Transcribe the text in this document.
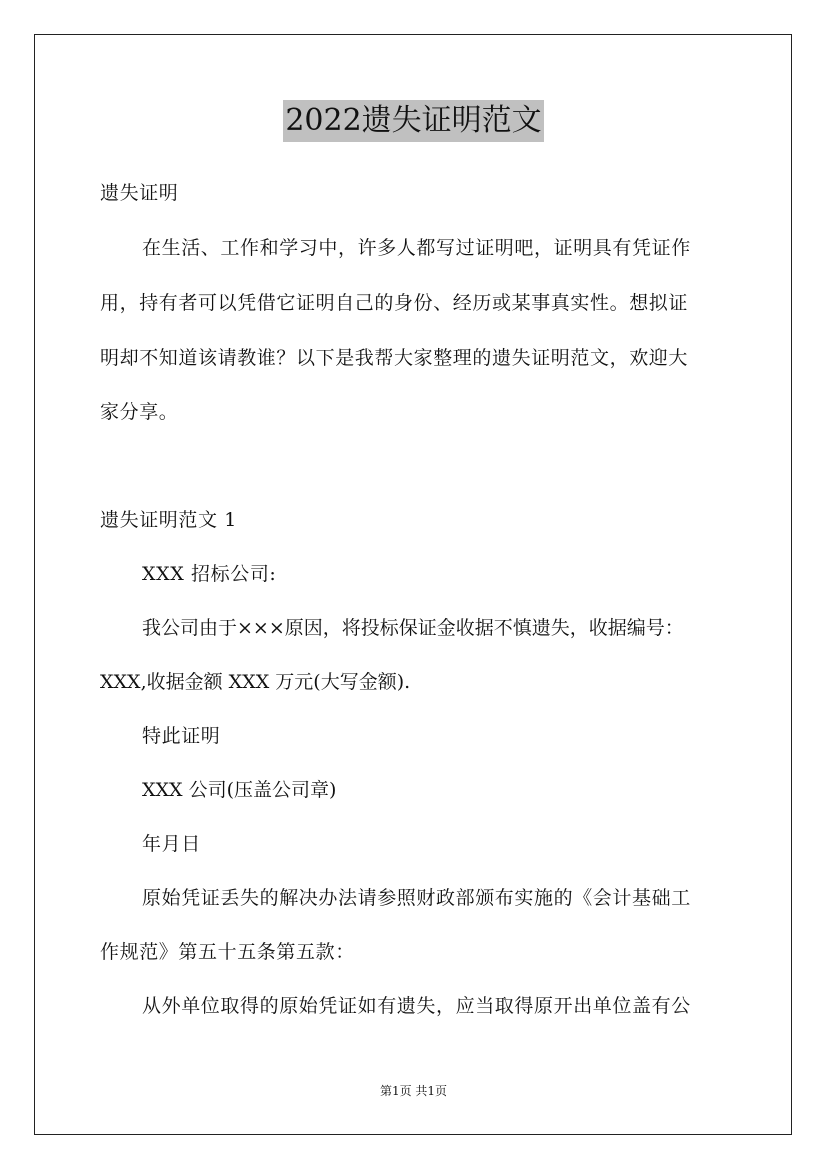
2022遗失证明范文
遗失证明
在生活、工作和学习中，许多人都写过证明吧，证明具有凭证作
用，持有者可以凭借它证明自己的身份、经历或某事真实性。想拟证
明却不知道该请教谁？以下是我帮大家整理的遗失证明范文，欢迎大
家分享。
遗失证明范文 1
XXX 招标公司:
我公司由于×××原因，将投标保证金收据不慎遗失，收据编号：
XXX,收据金额 XXX 万元(大写金额).
特此证明
XXX 公司(压盖公司章)
年月日
原始凭证丢失的解决办法请参照财政部颁布实施的《会计基础工
作规范》第五十五条第五款：
从外单位取得的原始凭证如有遗失，应当取得原开出单位盖有公
第1页 共1页
